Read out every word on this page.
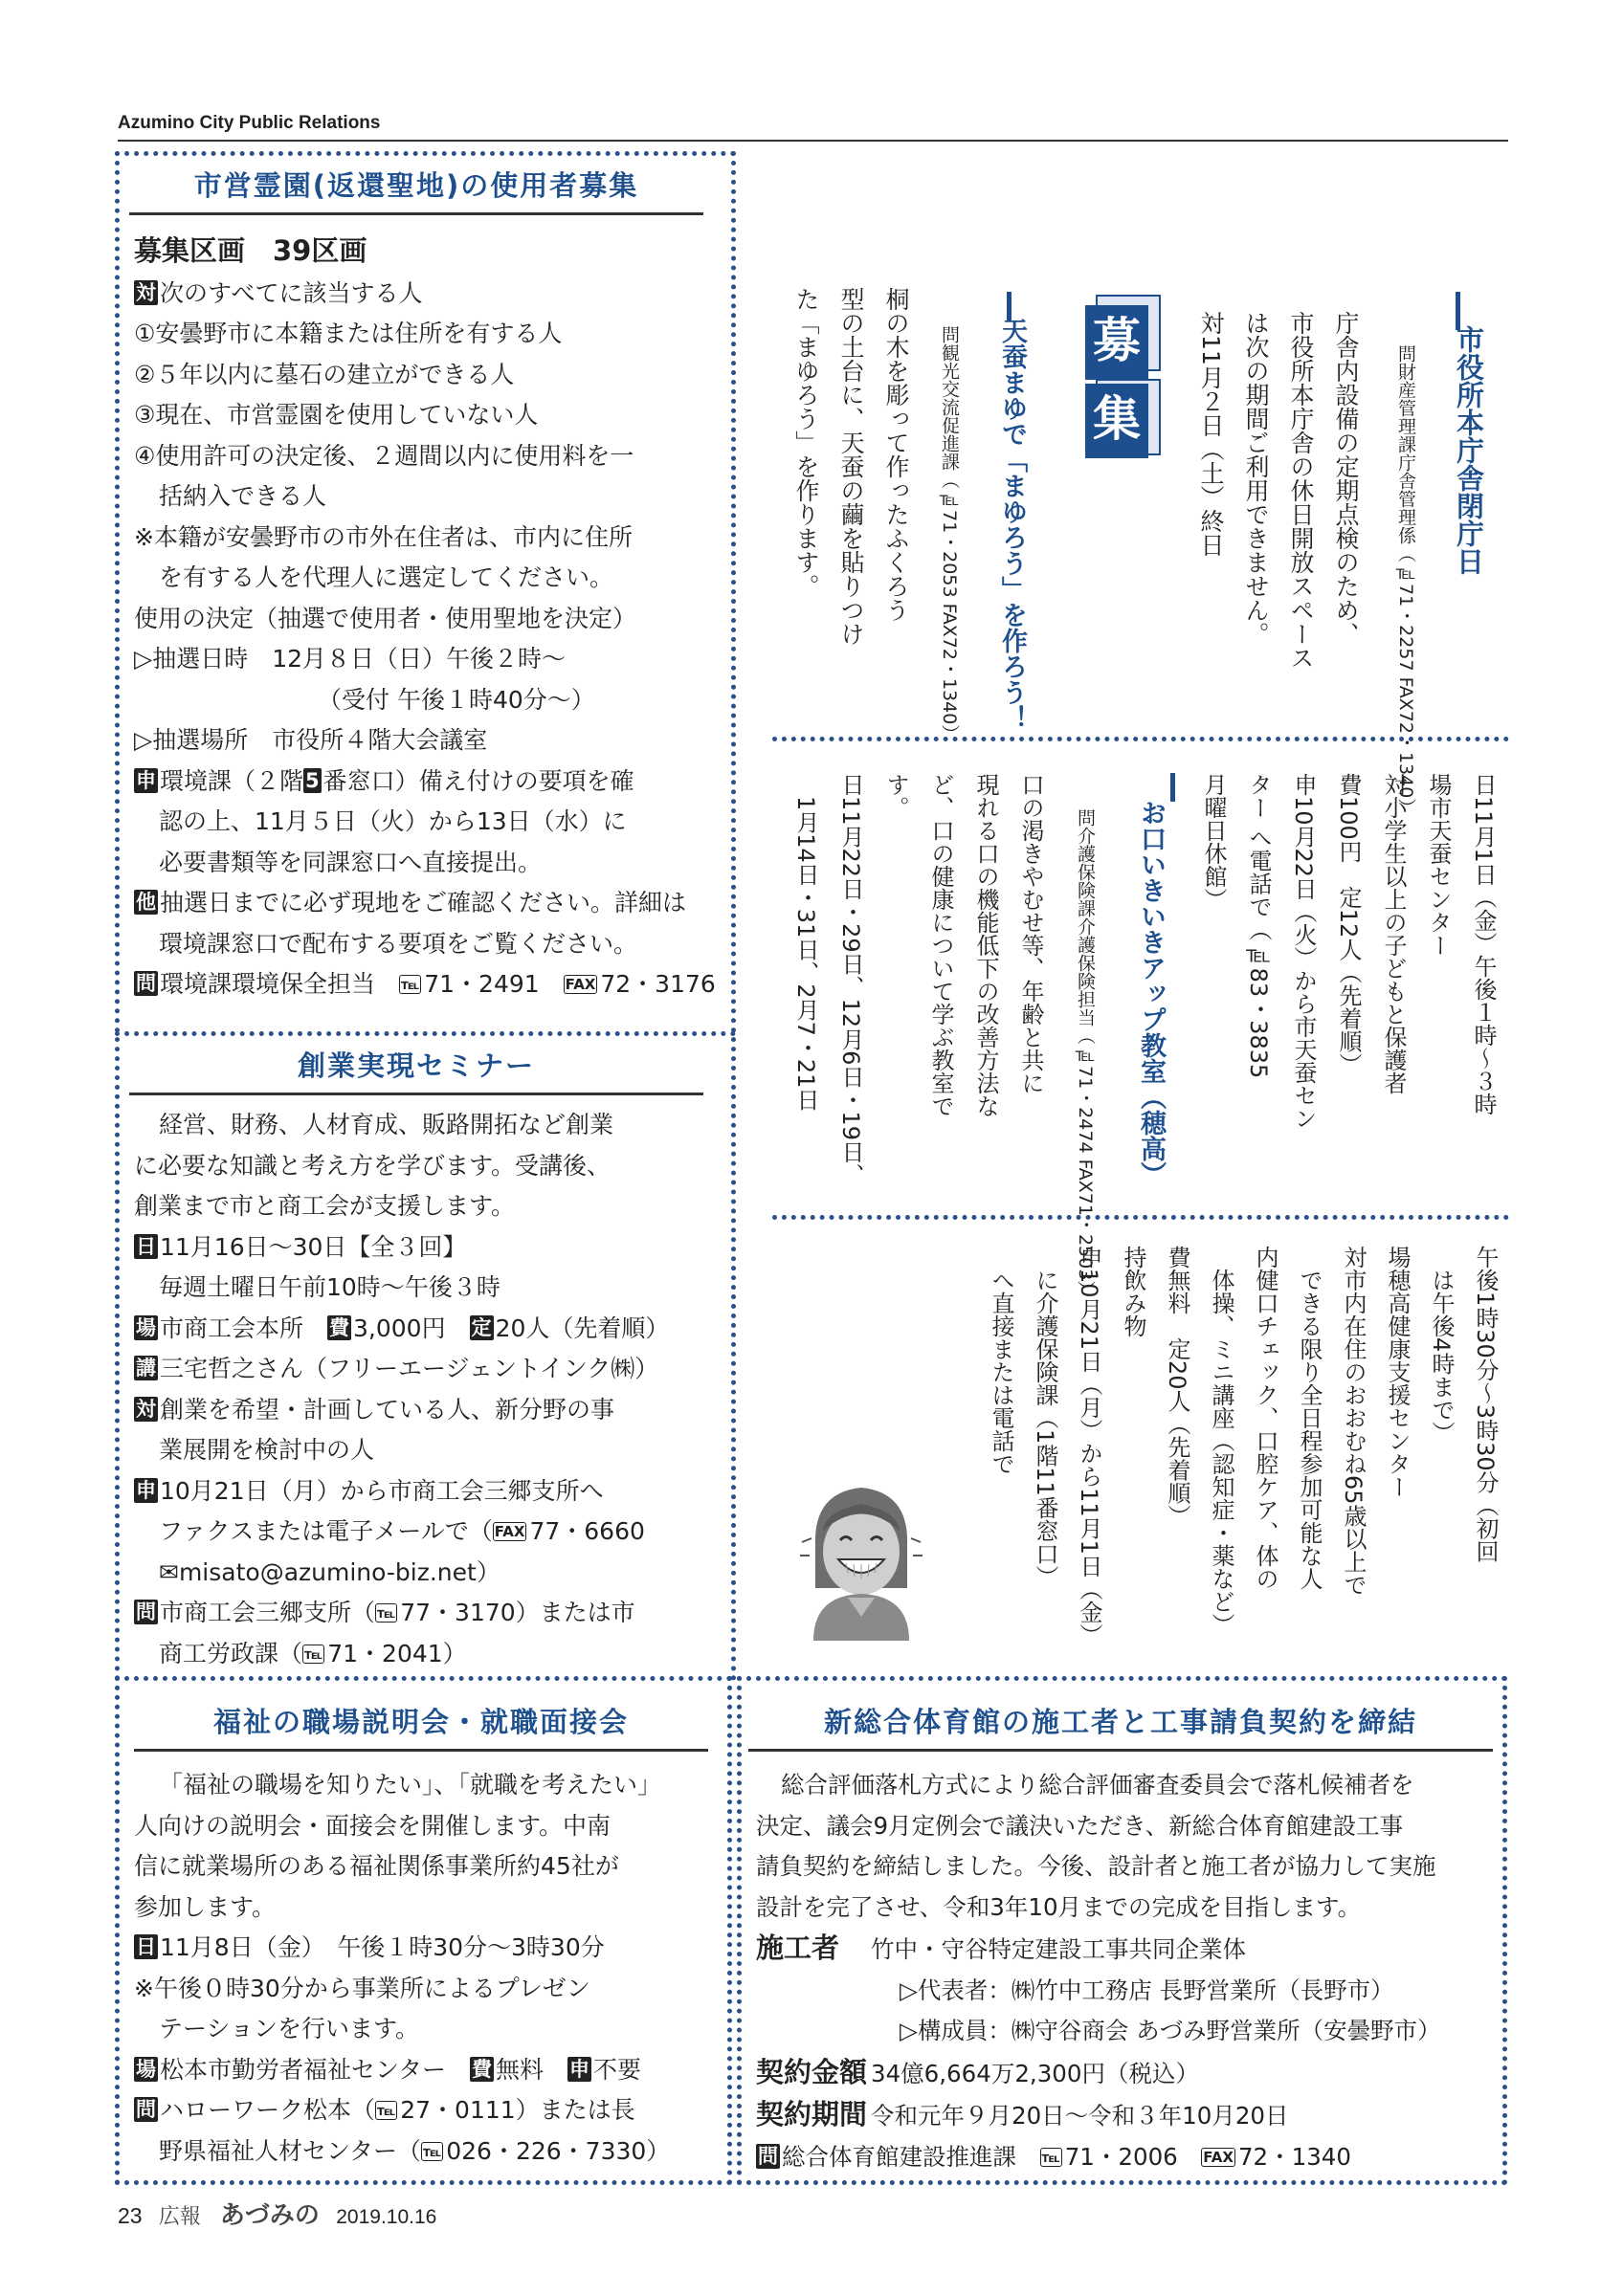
Azumino City Public Relations
市営霊園(返還聖地)の使用者募集

募集区画　39区画

対 次のすべてに該当する人

①安曇野市に本籍または住所を有する人

②５年以内に墓石の建立ができる人

③現在、市営霊園を使用していない人

④使用許可の決定後、２週間以内に使用料を一

括納入できる人

※本籍が安曇野市の市外在住者は、市内に住所

を有する人を代理人に選定してください。

使用の決定（抽選で使用者・使用聖地を決定）

▷抽選日時　12月８日（日）午後２時～

（受付 午後１時40分～）

▷抽選場所　市役所４階大会議室

申 環境課（２階5 番窓口）備え付けの要項を確

認の上、11月５日（火）から13日（水）に

必要書類等を同課窓口へ直接提出。

他 抽選日までに必ず現地をご確認ください。詳細は

環境課窓口で配布する要項をご覧ください。

問 環境課環境保全担当　℡ 71・2491　FAX 72・3176

創業実現セミナー

経営、財務、人材育成、販路開拓など創業

に必要な知識と考え方を学びます。受講後、

創業まで市と商工会が支援します。

日 11月16日～30日【全３回】

毎週土曜日午前10時～午後３時

場 市商工会本所　費 3,000円　定 20人（先着順）

講 三宅哲之さん（フリーエージェントインク㈱）

対 創業を希望・計画している人、新分野の事

業展開を検討中の人

申 10月21日（月）から市商工会三郷支所へ

ファクスまたは電子メールで（ FAX 77・6660

✉misato@azumino-biz.net）

問 市商工会三郷支所（ ℡ 77・3170）または市

商工労政課（ ℡ 71・2041）

福祉の職場説明会・就職面接会

「福祉の職場を知りたい」、「就職を考えたい」

人向けの説明会・面接会を開催します。中南

信に就業場所のある福祉関係事業所約45社が

参加します。

日 11月8日（金）　午後１時30分～3時30分

※午後０時30分から事業所によるプレゼン

テーションを行います。

場 松本市勤労者福祉センター　費 無料　申 不要

問 ハローワーク松本（ ℡ 27・0111）または長

野県福祉人材センター（ ℡ 026・226・7330）

新総合体育館の施工者と工事請負契約を締結

総合評価落札方式により総合評価審査委員会で落札候補者を

決定、議会9月定例会で議決いただき、新総合体育館建設工事

請負契約を締結しました。今後、設計者と施工者が協力して実施

設計を完了させ、令和3年10月までの完成を目指します。

施工者 竹中・守谷特定建設工事共同企業体

▷代表者：㈱竹中工務店 長野営業所（長野市）

▷構成員：㈱守谷商会 あづみ野営業所（安曇野市）

契約金額 34億6,664万2,300円（税込）

契約期間 令和元年９月20日～令和３年10月20日

問 総合体育館建設推進課　℡ 71・2006　FAX 72・1340

募
集	市役所本庁舎閉庁日
問財産管理課庁舎管理係（℡71・2257 FAX72・1340）

庁舎内設備の定期点検のため、

市役所本庁舎の休日開放スペース

は次の期間ご利用できません。

対11月２日（土）終日

天蚕まゆで「まゆろう」を作ろう！
問観光交流促進課（℡71・2053 FAX72・1340）

桐の木を彫って作ったふくろう

型の土台に、天蚕の繭を貼りつけ

た「まゆろう」を作ります。

日11月1日（金）午後１時～３時

場市天蚕センター

対小学生以上の子どもと保護者

費100円　定12人（先着順）

申10月22日（火）から市天蚕セン

ター へ電話で（℡83・3835

月曜日休館）

お口いきいきアップ教室（穂高）
問介護保険課介護保険担当（℡71・2474 FAX71・2503）

口の渇きやむせ等、年齢と共に

現れる口の機能低下の改善方法な

ど、口の健康について学ぶ教室で

す。

日11月22日・29日、12月6日・19日、

　1月14日・31日、2月7・21日

午後1時30分～3時30分（初回

　は午後4時まで）

場穂高健康支援センター

対市内在住のおおむね65歳以上で

　できる限り全日程参加可能な人

内健口チェック、口腔ケア、体の

　体操、ミニ講座（認知症・薬など）

費無料　定20人（先着順）

持飲み物

申10月21日（月）から11月1日（金）

　に介護保険課（1階11番窓口）

　へ直接または電話で

23 広報 あづみの 2019.10.16
